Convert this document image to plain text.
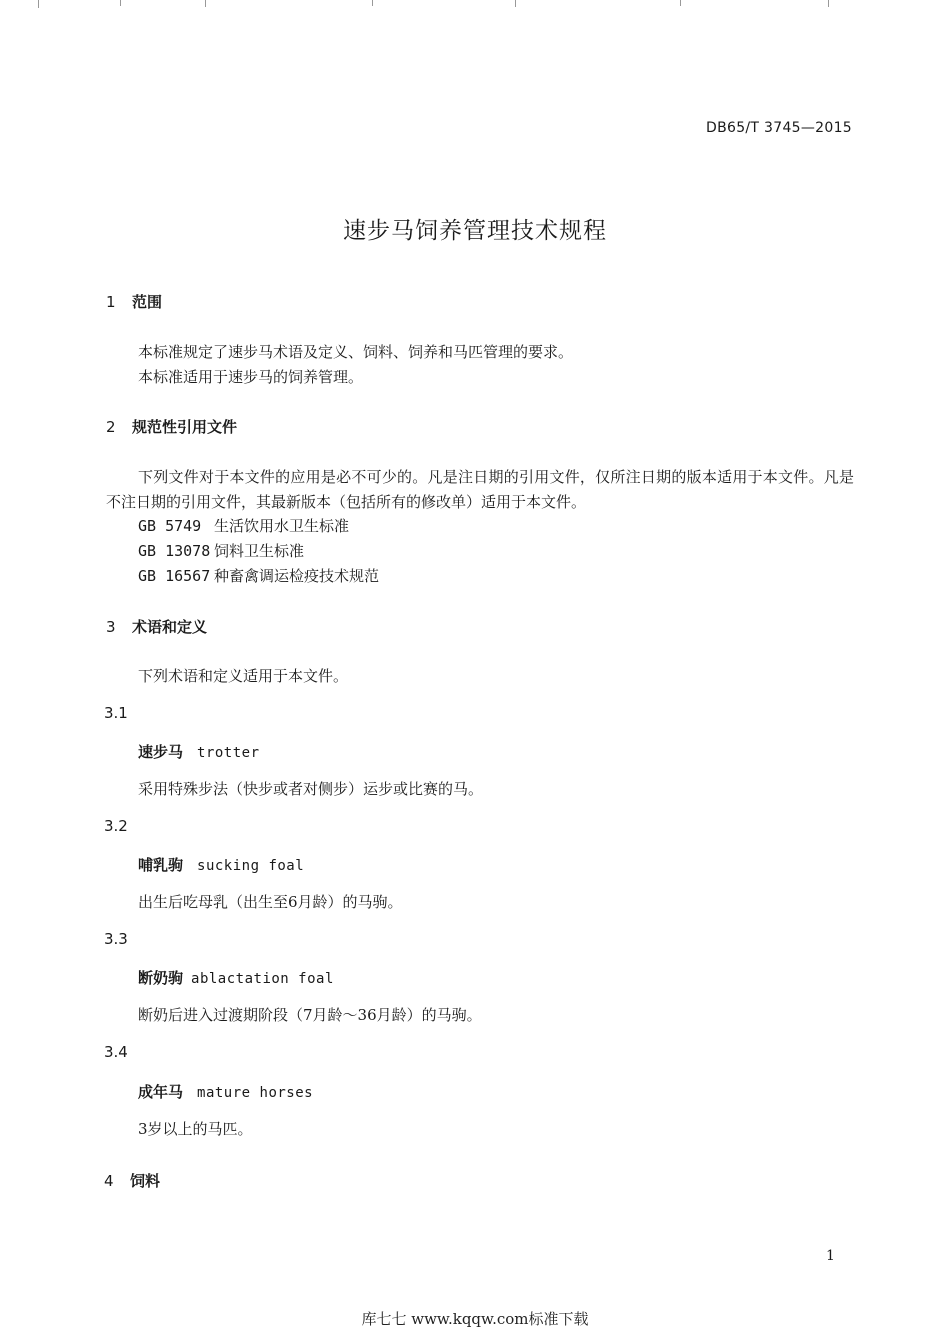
DB65/T 3745—2015
速步马饲养管理技术规程
1 范围
本标准规定了速步马术语及定义、饲料、饲养和马匹管理的要求。
本标准适用于速步马的饲养管理。
2 规范性引用文件
下列文件对于本文件的应用是必不可少的。凡是注日期的引用文件，仅所注日期的版本适用于本文件。凡是不注日期的引用文件，其最新版本（包括所有的修改单）适用于本文件。
GB 5749 生活饮用水卫生标准
GB 13078 饲料卫生标准
GB 16567 种畜禽调运检疫技术规范
3 术语和定义
下列术语和定义适用于本文件。
3.1
速步马 trotter
采用特殊步法（快步或者对侧步）运步或比赛的马。
3.2
哺乳驹 sucking foal
出生后吃母乳（出生至6月龄）的马驹。
3.3
断奶驹 ablactation foal
断奶后进入过渡期阶段（7月龄～36月龄）的马驹。
3.4
成年马 mature horses
3岁以上的马匹。
4 饲料
1
库七七 www.kqqw.com标准下载
